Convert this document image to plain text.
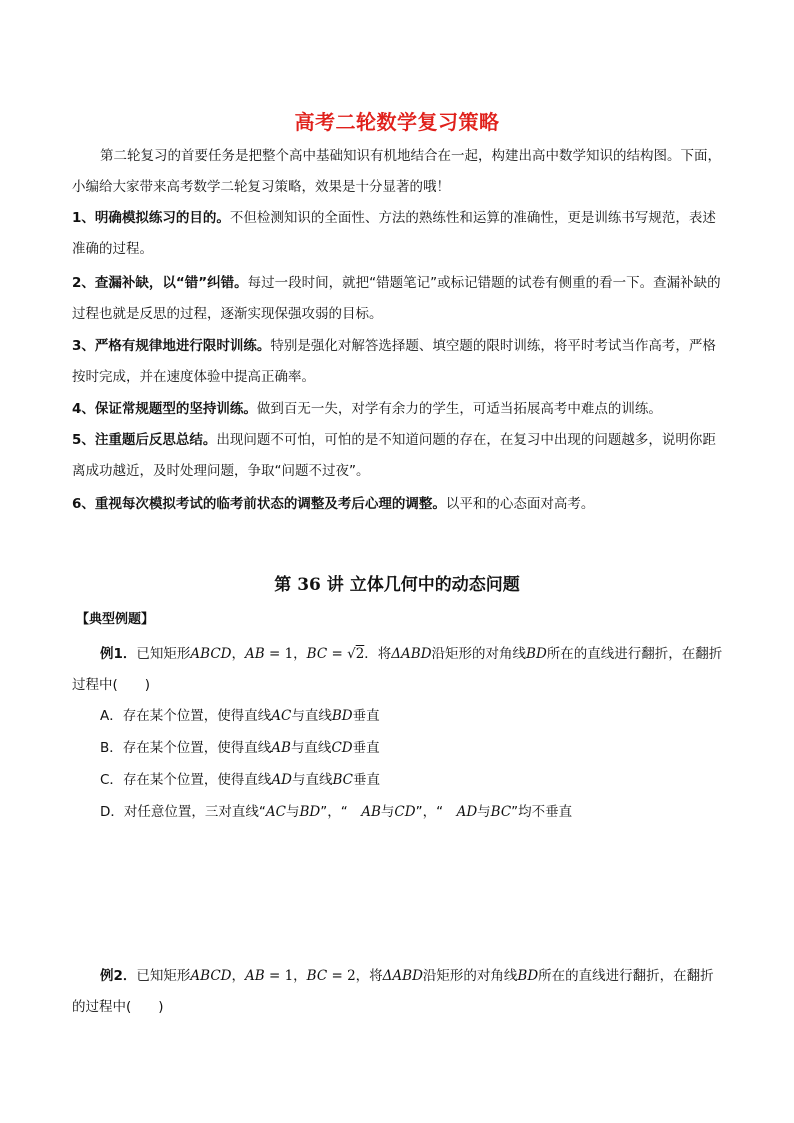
高考二轮数学复习策略
第二轮复习的首要任务是把整个高中基础知识有机地结合在一起，构建出高中数学知识的结构图。下面，小编给大家带来高考数学二轮复习策略，效果是十分显著的哦！
1、明确模拟练习的目的。不但检测知识的全面性、方法的熟练性和运算的准确性，更是训练书写规范，表述准确的过程。
2、查漏补缺，以“错”纠错。每过一段时间，就把“错题笔记”或标记错题的试卷有侧重的看一下。查漏补缺的过程也就是反思的过程，逐渐实现保强攻弱的目标。
3、严格有规律地进行限时训练。特别是强化对解答选择题、填空题的限时训练，将平时考试当作高考，严格按时完成，并在速度体验中提高正确率。
4、保证常规题型的坚持训练。做到百无一失，对学有余力的学生，可适当拓展高考中难点的训练。
5、注重题后反思总结。出现问题不可怕，可怕的是不知道问题的存在，在复习中出现的问题越多，说明你距离成功越近，及时处理问题，争取“问题不过夜”。
6、重视每次模拟考试的临考前状态的调整及考后心理的调整。以平和的心态面对高考。
第 36 讲 立体几何中的动态问题
【典型例题】
例1．已知矩形ABCD，AB = 1，BC = √2．将ΔABD沿矩形的对角线BD所在的直线进行翻折，在翻折过程中(　　)
A．存在某个位置，使得直线AC与直线BD垂直
B．存在某个位置，使得直线AB与直线CD垂直
C．存在某个位置，使得直线AD与直线BC垂直
D．对任意位置，三对直线“AC与BD”，“　AB与CD”，“　AD与BC”均不垂直
例2．已知矩形ABCD，AB = 1，BC = 2，将ΔABD沿矩形的对角线BD所在的直线进行翻折，在翻折的过程中(　　)
